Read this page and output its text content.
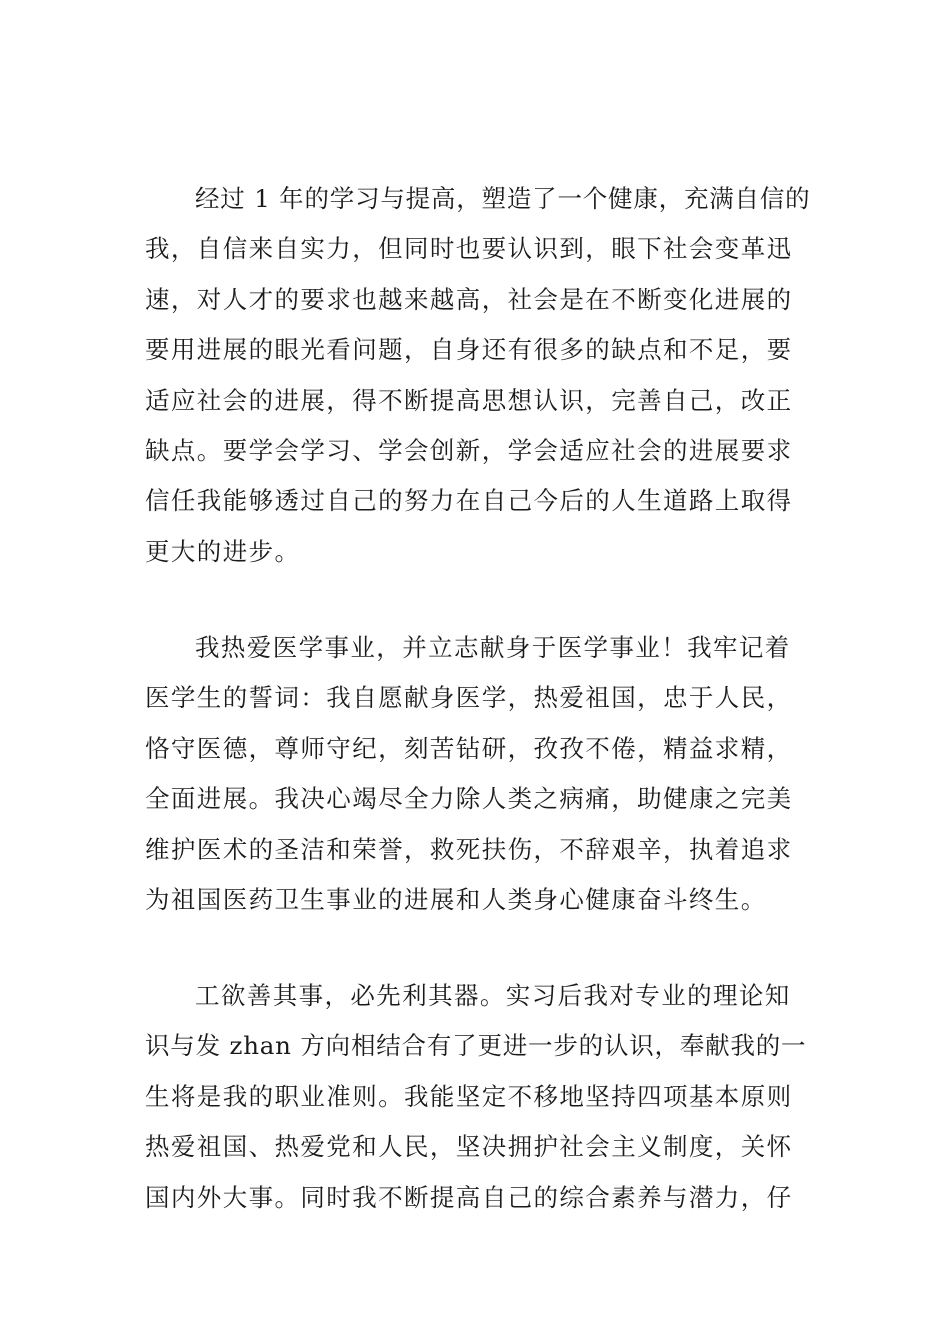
经过 1 年的学习与提高，塑造了一个健康，充满自信的
我，自信来自实力，但同时也要认识到，眼下社会变革迅
速，对人才的要求也越来越高，社会是在不断变化进展的
要用进展的眼光看问题，自身还有很多的缺点和不足，要
适应社会的进展，得不断提高思想认识，完善自己，改正
缺点。要学会学习、学会创新，学会适应社会的进展要求
信任我能够透过自己的努力在自己今后的人生道路上取得
更大的进步。

我热爱医学事业，并立志献身于医学事业！我牢记着
医学生的誓词：我自愿献身医学，热爱祖国，忠于人民，
恪守医德，尊师守纪，刻苦钻研，孜孜不倦，精益求精，
全面进展。我决心竭尽全力除人类之病痛，助健康之完美
维护医术的圣洁和荣誉，救死扶伤，不辞艰辛，执着追求
为祖国医药卫生事业的进展和人类身心健康奋斗终生。

工欲善其事，必先利其器。实习后我对专业的理论知
识与发 zhan 方向相结合有了更进一步的认识，奉献我的一
生将是我的职业准则。我能坚定不移地坚持四项基本原则
热爱祖国、热爱党和人民，坚决拥护社会主义制度，关怀
国内外大事。同时我不断提高自己的综合素养与潜力，仔
